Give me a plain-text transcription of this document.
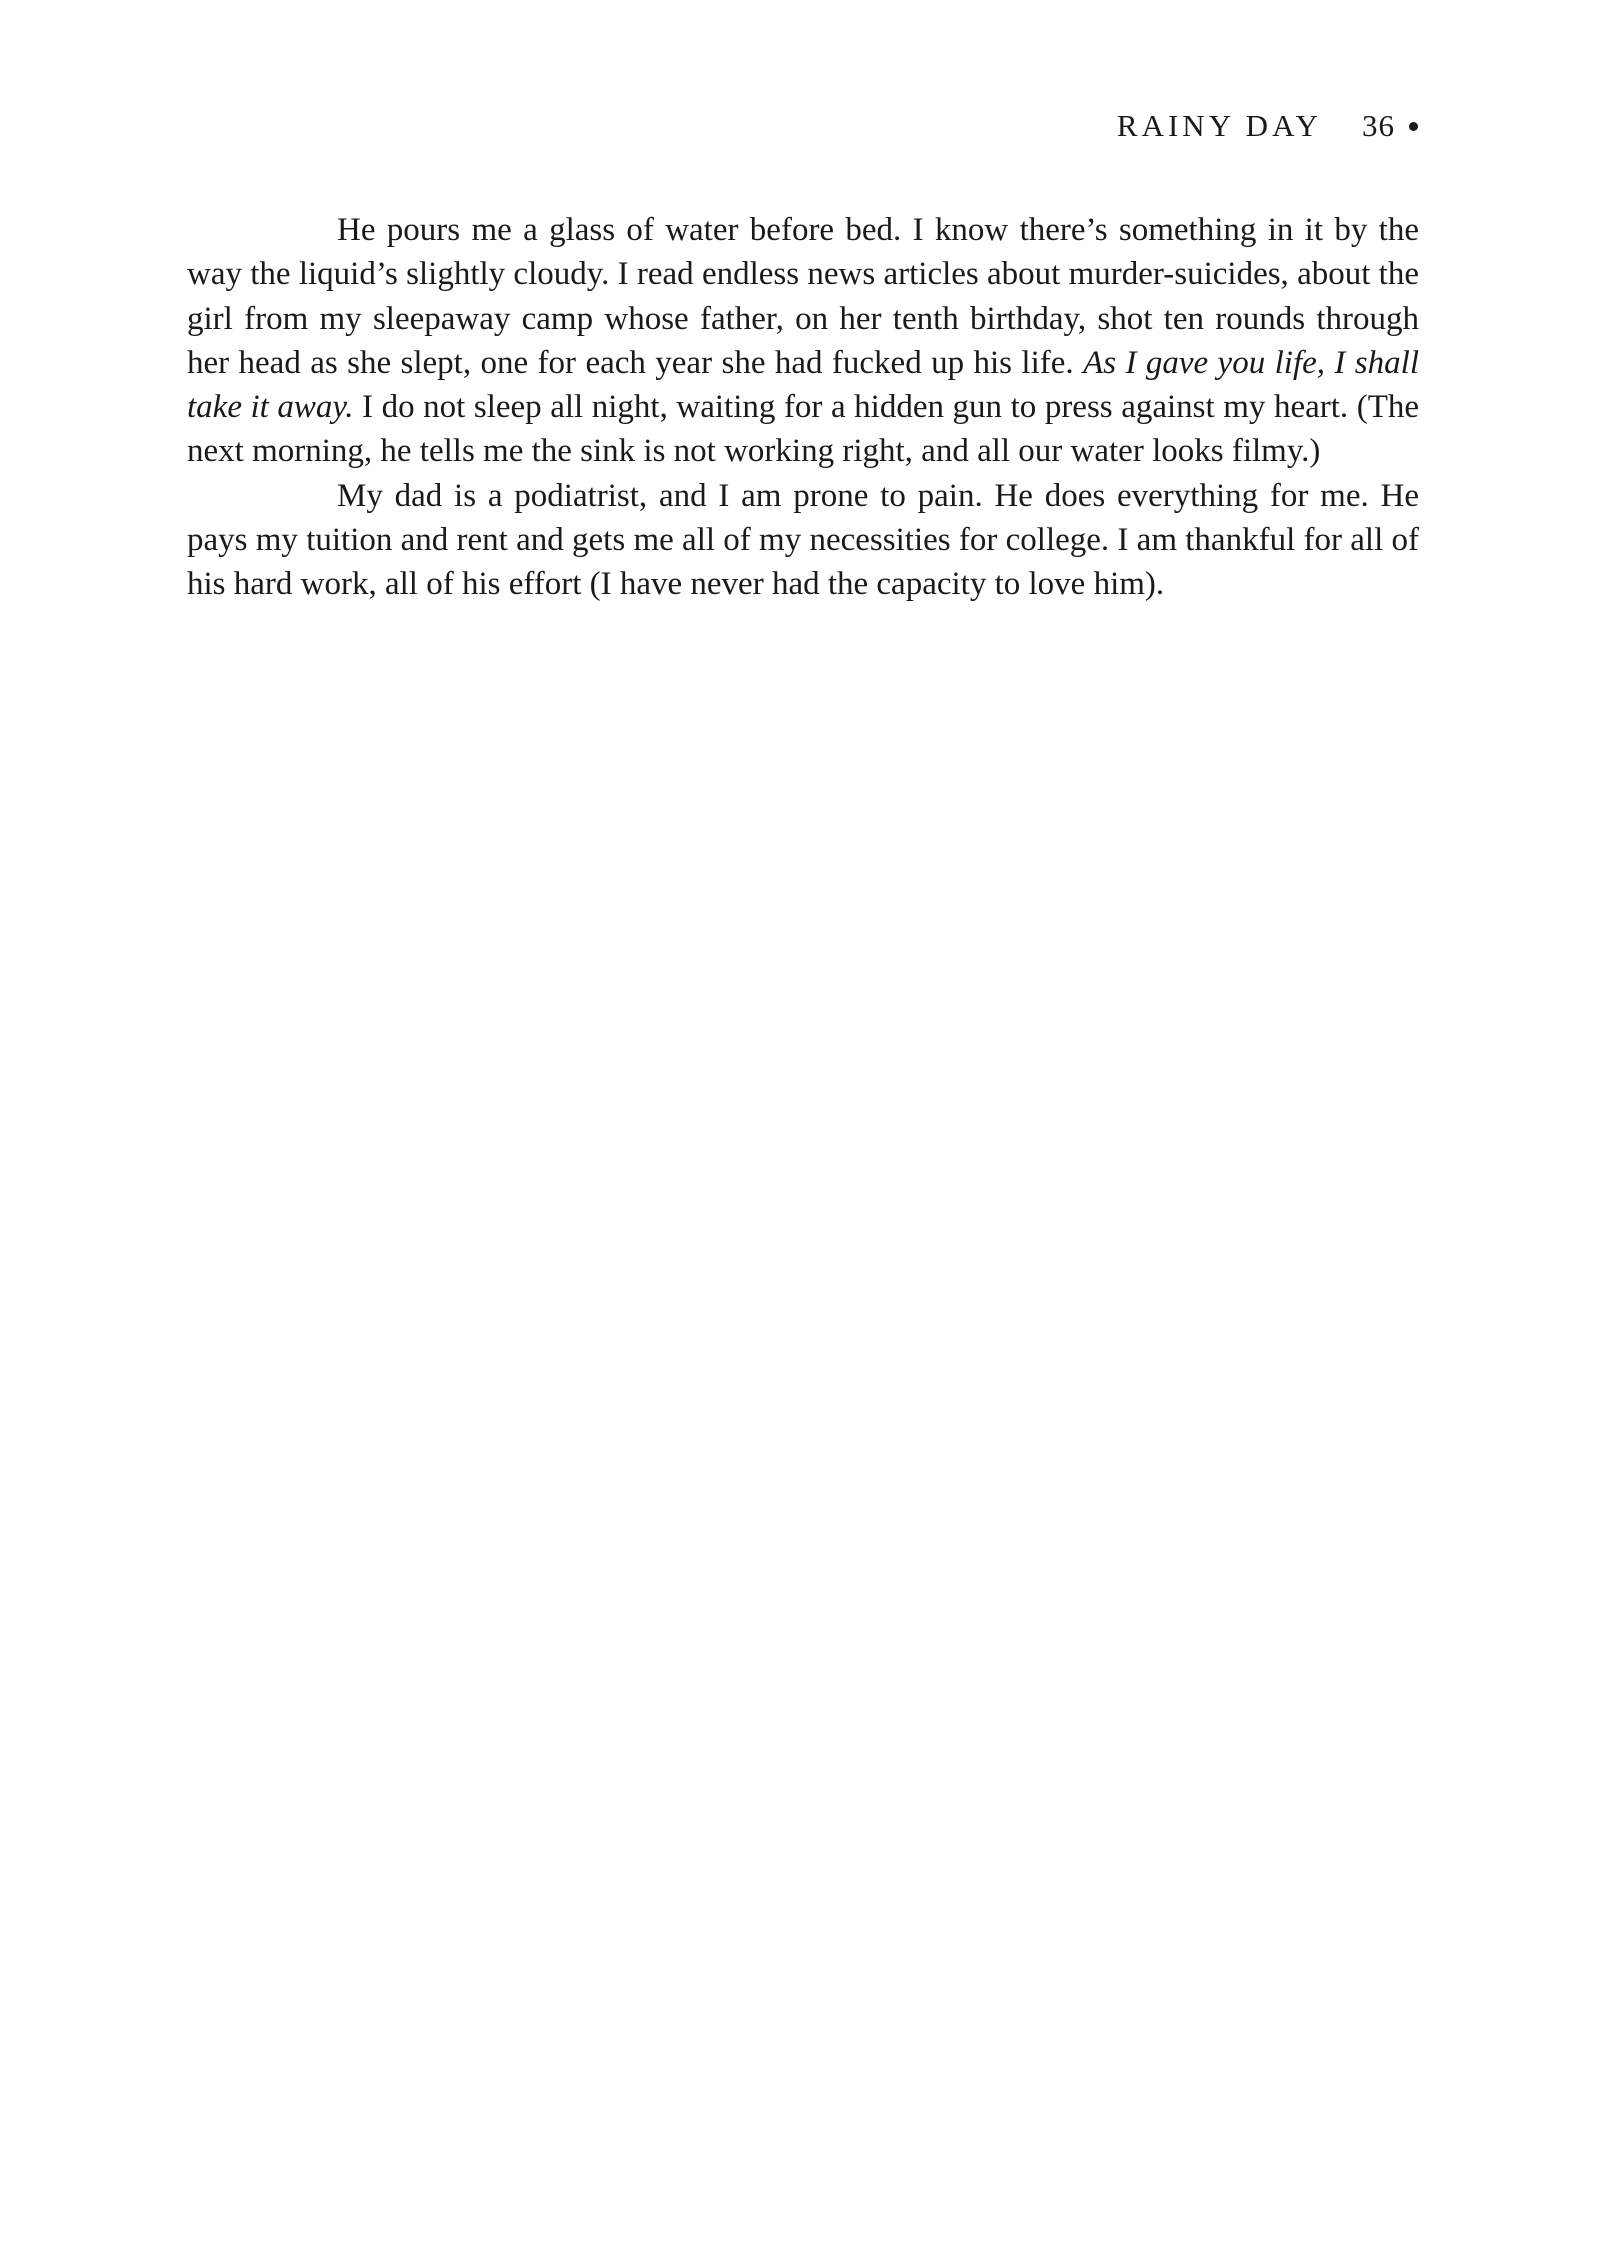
RAINY DAY 36

He pours me a glass of water before bed. I know there’s something in it by the way the liquid’s slightly cloudy. I read endless news articles about murder-suicides, about the girl from my sleepaway camp whose father, on her tenth birthday, shot ten rounds through her head as she slept, one for each year she had fucked up his life. As I gave you life, I shall take it away. I do not sleep all night, waiting for a hidden gun to press against my heart. (The next morning, he tells me the sink is not working right, and all our water looks filmy.)

My dad is a podiatrist, and I am prone to pain. He does everything for me. He pays my tuition and rent and gets me all of my necessities for college. I am thankful for all of his hard work, all of his effort (I have never had the capacity to love him).
